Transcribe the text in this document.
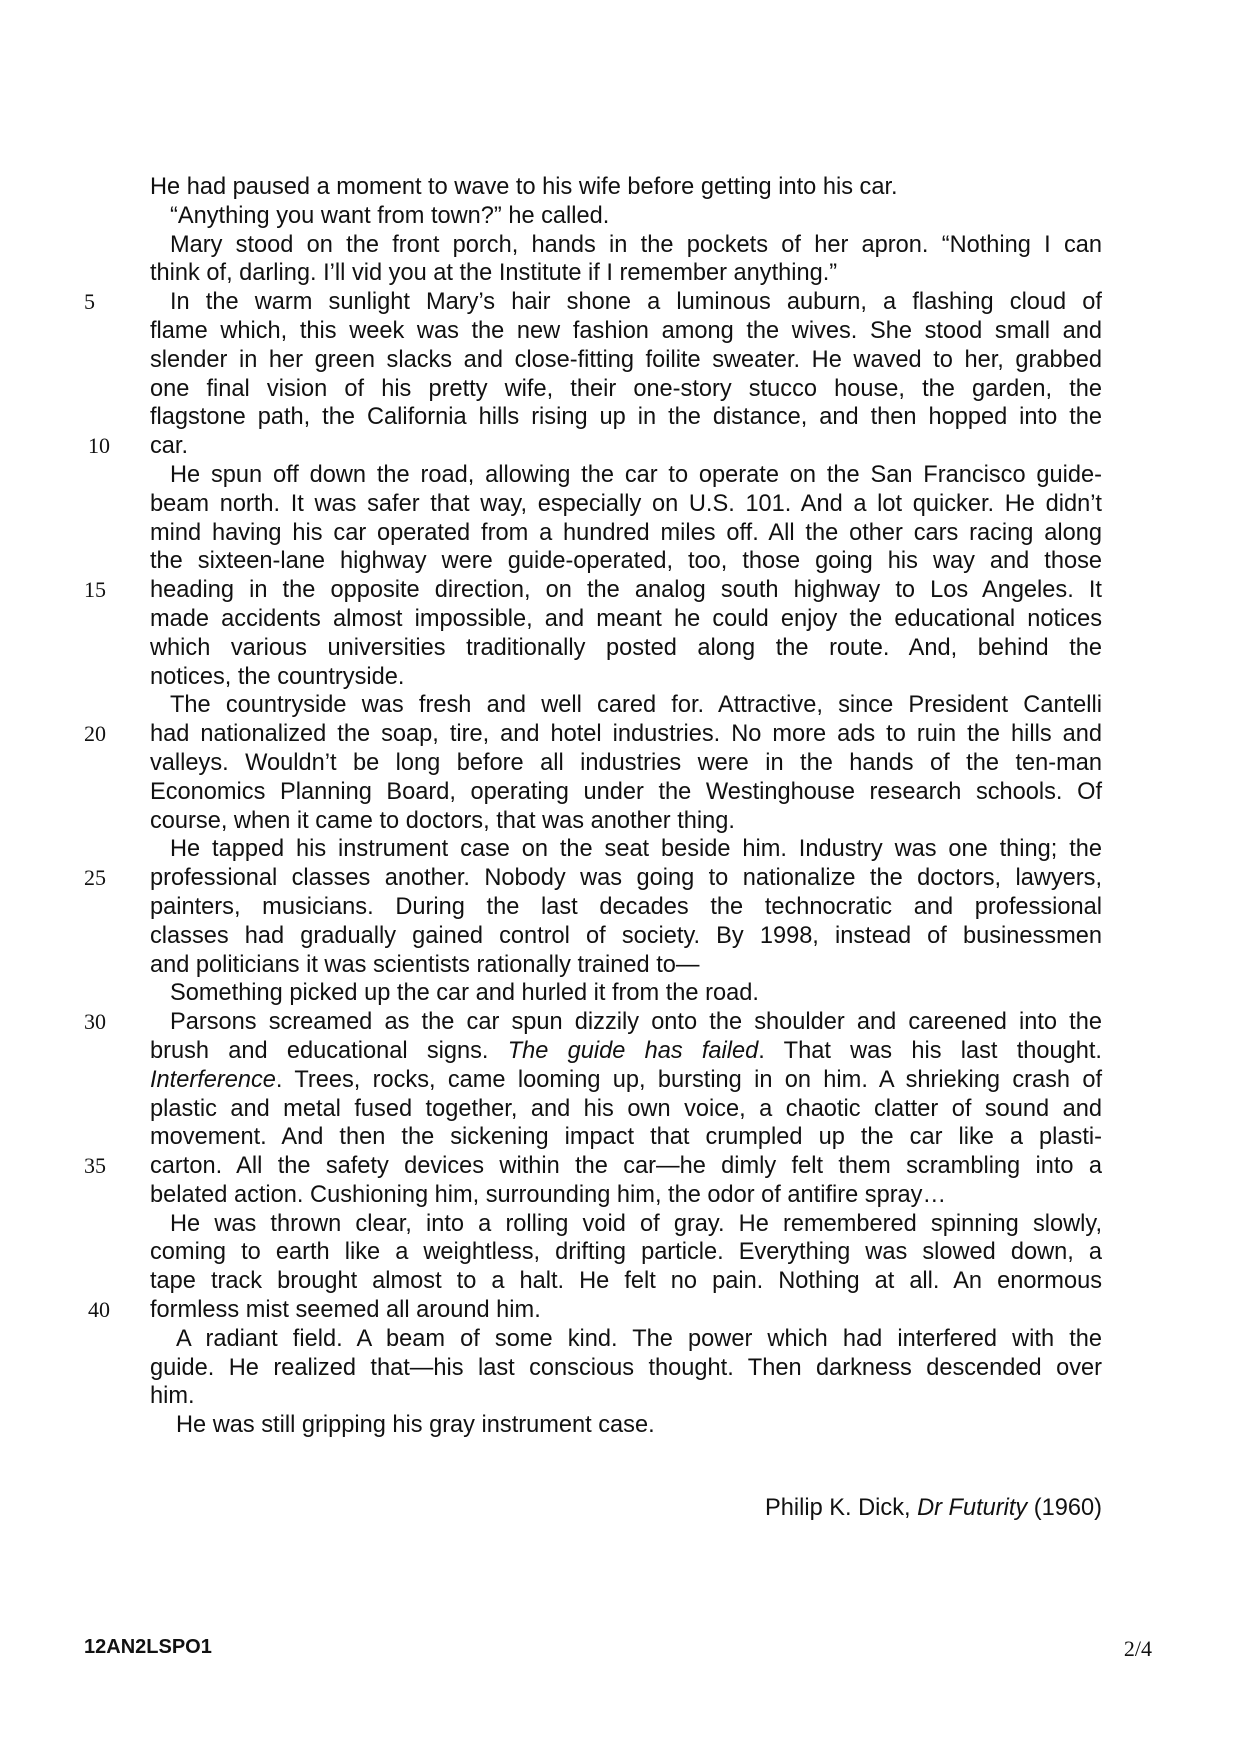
He had paused a moment to wave to his wife before getting into his car.
“Anything you want from town?” he called.
Mary stood on the front porch, hands in the pockets of her apron. “Nothing I can
think of, darling. I’ll vid you at the Institute if I remember anything.”
5	In the warm sunlight Mary’s hair shone a luminous auburn, a flashing cloud of
flame which, this week was the new fashion among the wives. She stood small and
slender in her green slacks and close-fitting foilite sweater. He waved to her, grabbed
one final vision of his pretty wife, their one-story stucco house, the garden, the
flagstone path, the California hills rising up in the distance, and then hopped into the
10 car.
He spun off down the road, allowing the car to operate on the San Francisco guide-
beam north. It was safer that way, especially on U.S. 101. And a lot quicker. He didn’t
mind having his car operated from a hundred miles off. All the other cars racing along
the sixteen-lane highway were guide-operated, too, those going his way and those
15	heading in the opposite direction, on the analog south highway to Los Angeles. It
made accidents almost impossible, and meant he could enjoy the educational notices
which various universities traditionally posted along the route. And, behind the
notices, the countryside.
The countryside was fresh and well cared for. Attractive, since President Cantelli
20	had nationalized the soap, tire, and hotel industries. No more ads to ruin the hills and
valleys. Wouldn’t be long before all industries were in the hands of the ten-man
Economics Planning Board, operating under the Westinghouse research schools. Of
course, when it came to doctors, that was another thing.
He tapped his instrument case on the seat beside him. Industry was one thing; the
25	professional classes another. Nobody was going to nationalize the doctors, lawyers,
painters, musicians. During the last decades the technocratic and professional
classes had gradually gained control of society. By 1998, instead of businessmen
and politicians it was scientists rationally trained to—
Something picked up the car and hurled it from the road.
30	Parsons screamed as the car spun dizzily onto the shoulder and careened into the
brush and educational signs. The guide has failed. That was his last thought.
Interference. Trees, rocks, came looming up, bursting in on him. A shrieking crash of
plastic and metal fused together, and his own voice, a chaotic clatter of sound and
movement. And then the sickening impact that crumpled up the car like a plasti-
35	carton. All the safety devices within the car—he dimly felt them scrambling into a
belated action. Cushioning him, surrounding him, the odor of antifire spray…
He was thrown clear, into a rolling void of gray. He remembered spinning slowly,
coming to earth like a weightless, drifting particle. Everything was slowed down, a
tape track brought almost to a halt. He felt no pain. Nothing at all. An enormous
40 formless mist seemed all around him.
A radiant field. A beam of some kind. The power which had interfered with the
guide. He realized that—his last conscious thought. Then darkness descended over
him.
He was still gripping his gray instrument case.
Philip K. Dick, Dr Futurity (1960)
12AN2LSPO1	2/4
